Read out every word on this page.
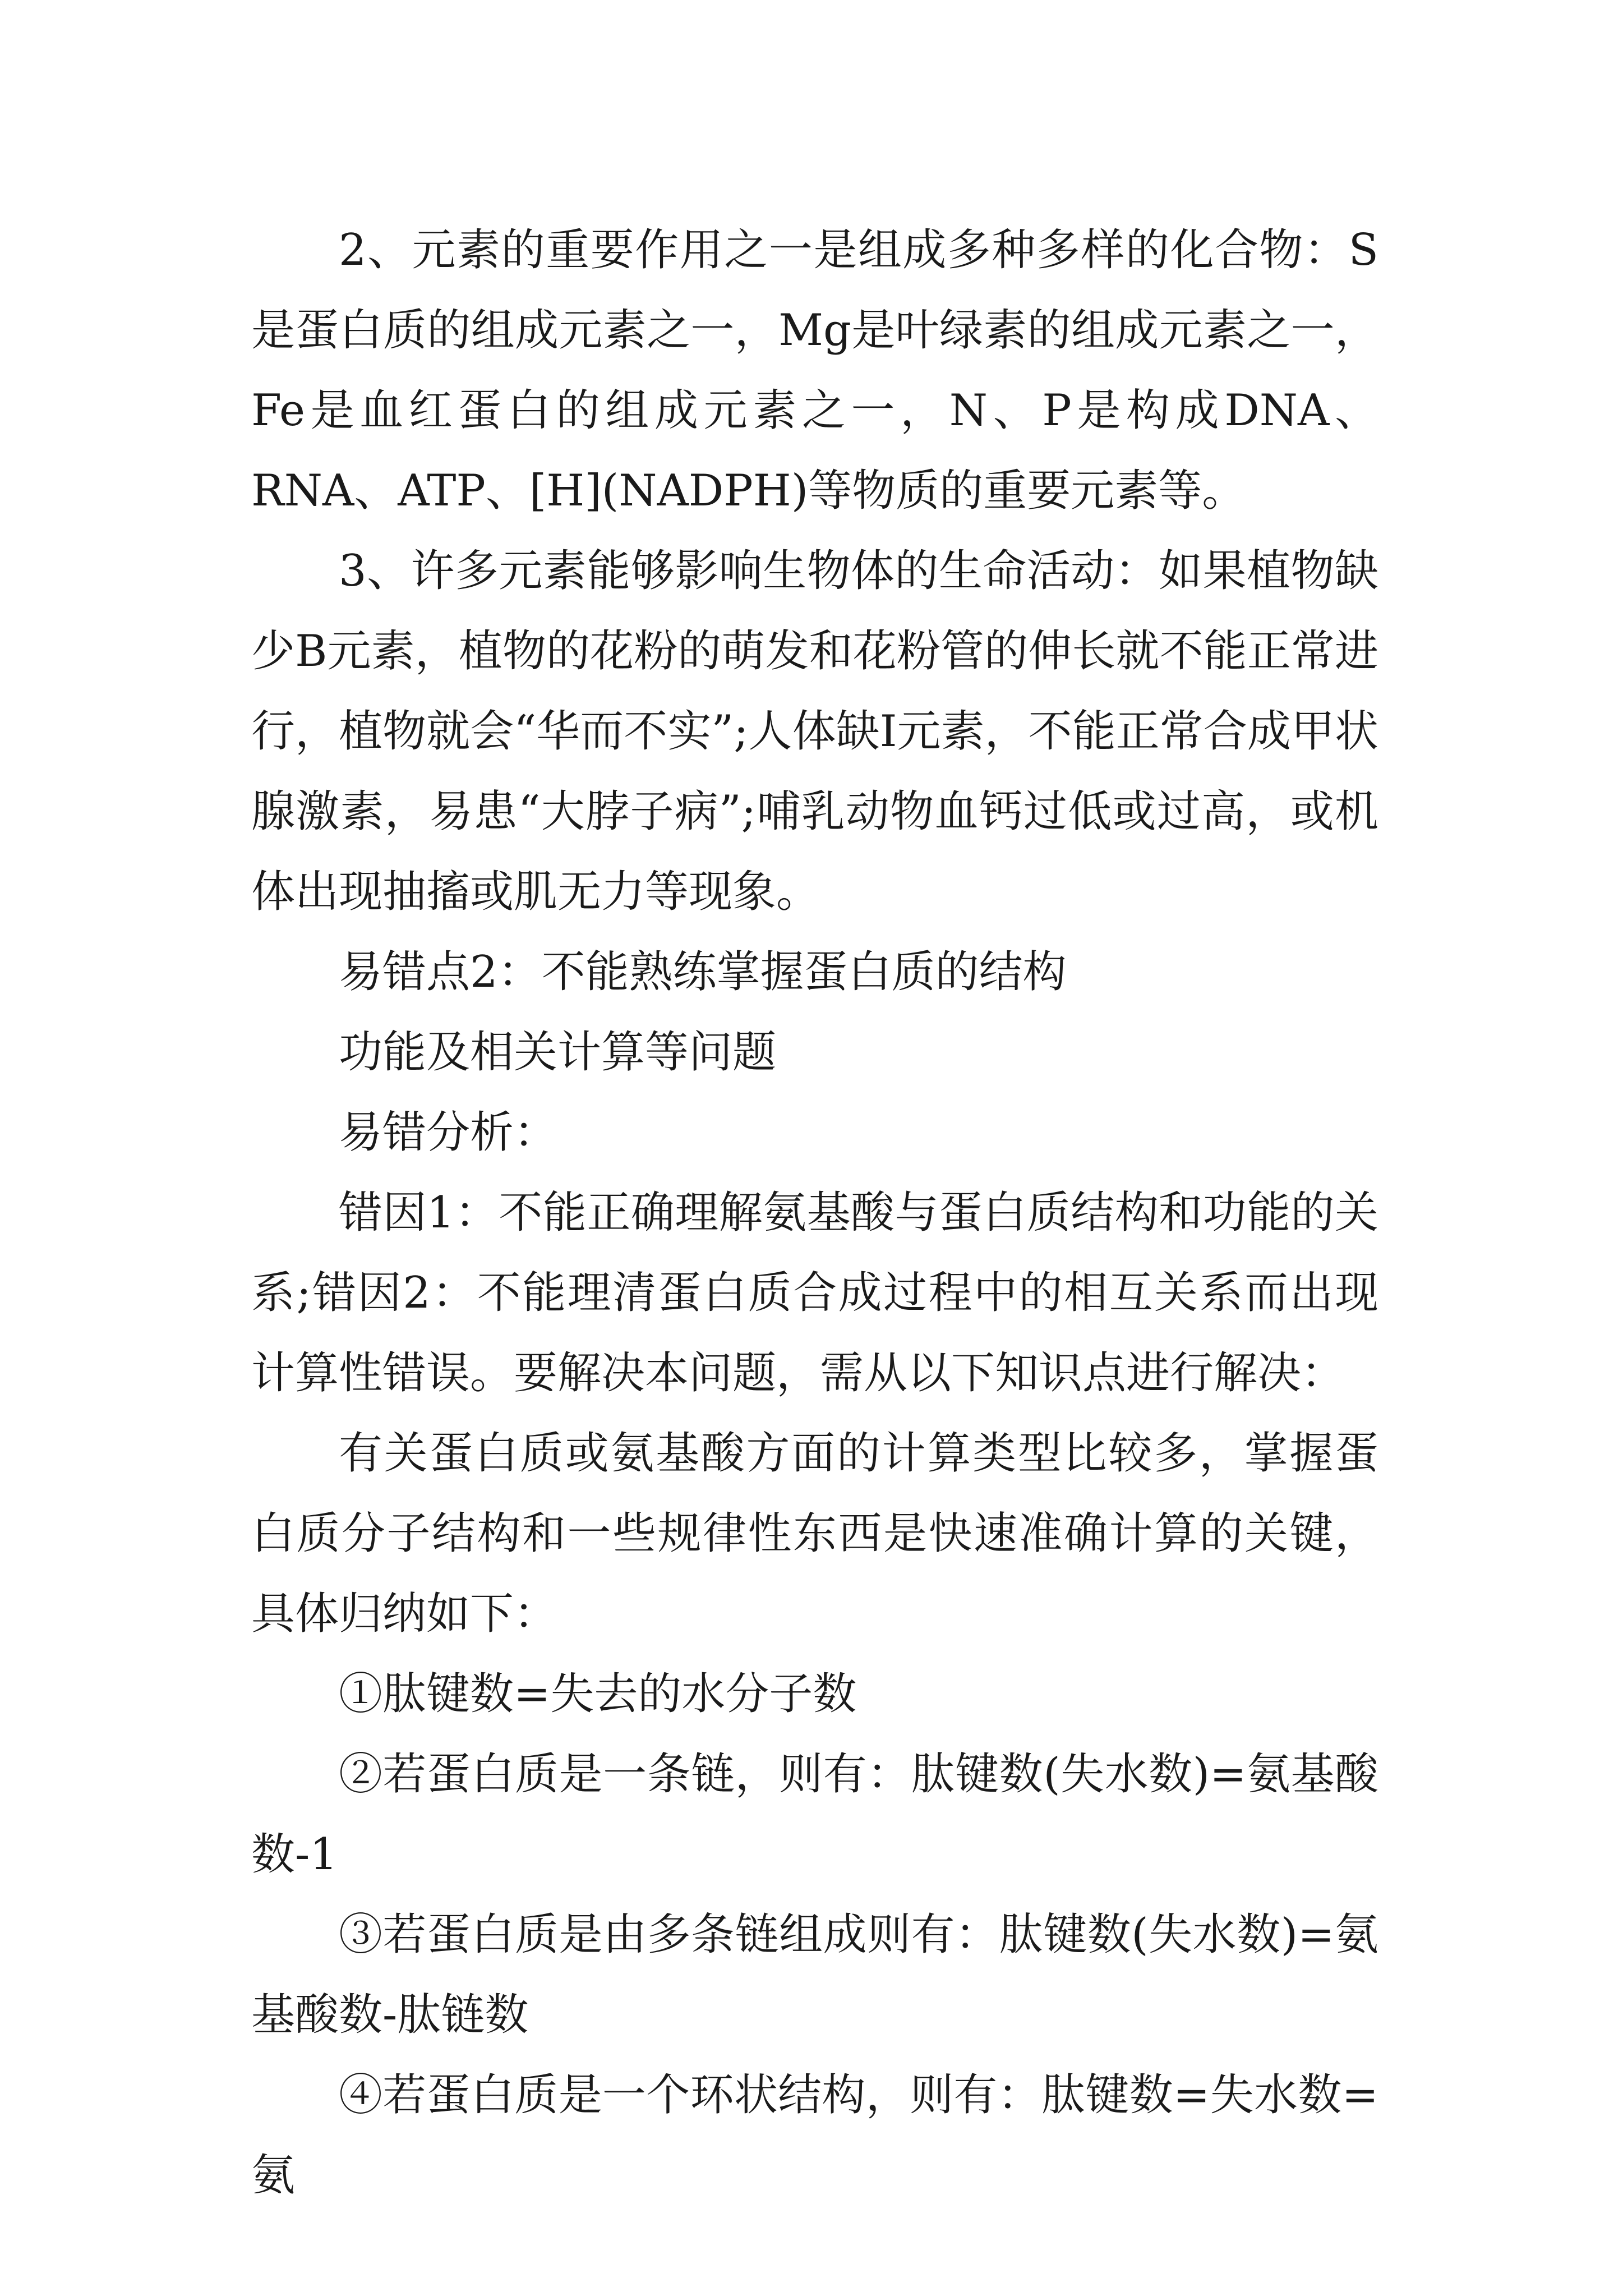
2、元素的重要作用之一是组成多种多样的化合物：S是蛋白质的组成元素之一，Mg是叶绿素的组成元素之一，Fe是血红蛋白的组成元素之一，N、P是构成DNA、RNA、ATP、[H](NADPH)等物质的重要元素等。

3、许多元素能够影响生物体的生命活动：如果植物缺少B元素，植物的花粉的萌发和花粉管的伸长就不能正常进行，植物就会“华而不实”;人体缺I元素，不能正常合成甲状腺激素，易患“大脖子病”;哺乳动物血钙过低或过高，或机体出现抽搐或肌无力等现象。

易错点2：不能熟练掌握蛋白质的结构

功能及相关计算等问题

易错分析：

错因1：不能正确理解氨基酸与蛋白质结构和功能的关系;错因2：不能理清蛋白质合成过程中的相互关系而出现计算性错误。要解决本问题，需从以下知识点进行解决：

有关蛋白质或氨基酸方面的计算类型比较多，掌握蛋白质分子结构和一些规律性东西是快速准确计算的关键，具体归纳如下：

①肽键数=失去的水分子数

②若蛋白质是一条链，则有：肽键数(失水数)=氨基酸数-1

③若蛋白质是由多条链组成则有：肽键数(失水数)=氨基酸数-肽链数

④若蛋白质是一个环状结构，则有：肽键数=失水数=氨
